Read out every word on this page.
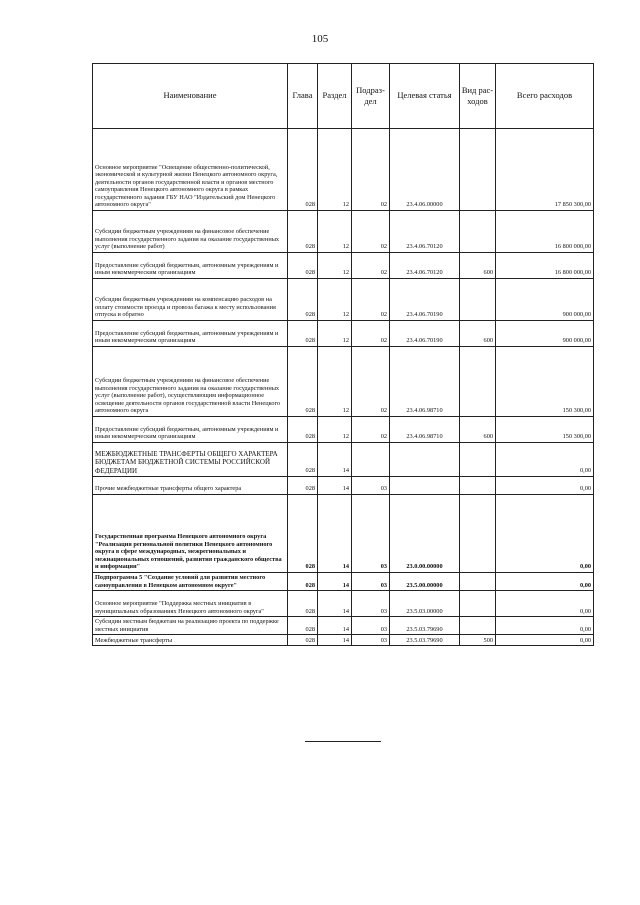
105
Наименование	Глава	Раздел	Подраз-дел	Целевая статья	Вид рас-ходов	Всего расходов
Основное мероприятие "Освещение общественно-политической, экономической и культурной жизни Ненецкого автономного округа, деятельности органов государственной власти и органов местного самоуправления Ненецкого автономного округа в рамках государственного задания ГБУ НАО "Издательский дом Ненецкого автономного округа"	028	12	02	23.4.06.00000		17 850 300,00
Субсидии бюджетным учреждениям на финансовое обеспечение выполнения государственного задания на оказание государственных услуг (выполнение работ)	028	12	02	23.4.06.70120		16 800 000,00
Предоставление субсидий бюджетным, автономным учреждениям и иным некоммерческим организациям	028	12	02	23.4.06.70120	600	16 800 000,00
Субсидии бюджетным учреждениям на компенсацию расходов на оплату стоимости проезда и провоза багажа к месту использования отпуска и обратно	028	12	02	23.4.06.70190		900 000,00
Предоставление субсидий бюджетным, автономным учреждениям и иным некоммерческим организациям	028	12	02	23.4.06.70190	600	900 000,00
Субсидии бюджетным учреждениям на финансовое обеспечение выполнения государственного задания на оказание государственных услуг (выполнение работ), осуществляющим информационное освещение деятельности органов государственной власти Ненецкого автономного округа	028	12	02	23.4.06.98710		150 300,00
Предоставление субсидий бюджетным, автономным учреждениям и иным некоммерческим организациям	028	12	02	23.4.06.98710	600	150 300,00
МЕЖБЮДЖЕТНЫЕ ТРАНСФЕРТЫ ОБЩЕГО ХАРАКТЕРА БЮДЖЕТАМ БЮДЖЕТНОЙ СИСТЕМЫ РОССИЙСКОЙ ФЕДЕРАЦИИ	028	14				0,00
Прочие межбюджетные трансферты общего характера	028	14	03			0,00
Государственная программа Ненецкого автономного округа "Реализация региональной политики Ненецкого автономного округа в сфере международных, межрегиональных и межнациональных отношений, развития гражданского общества и информации"	028	14	03	23.0.00.00000		0,00
Подпрограмма 5 "Создание условий для развития местного самоуправления в Ненецком автономном округе"	028	14	03	23.5.00.00000		0,00
Основное мероприятие "Поддержка местных инициатив в муниципальных образованиях Ненецкого автономного округа"	028	14	03	23.5.03.00000		0,00
Субсидии местным бюджетам на реализацию проекта по поддержке местных инициатив	028	14	03	23.5.03.79690		0,00
Межбюджетные трансферты	028	14	03	23.5.03.79690	500	0,00
